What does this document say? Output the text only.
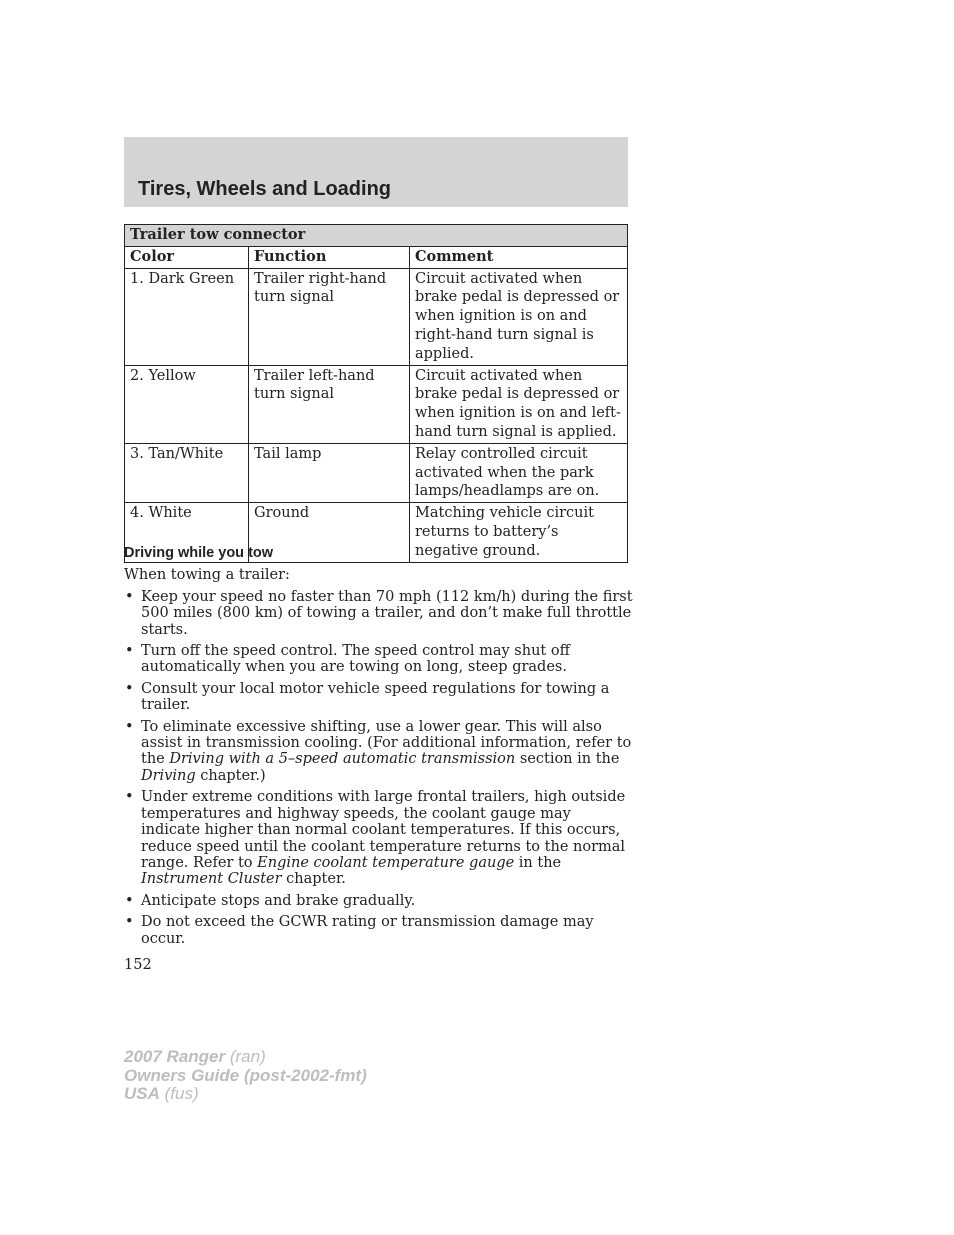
Tires, Wheels and Loading
Trailer tow connector		
Color	Function	Comment
1. Dark Green	Trailer right-hand turn signal	Circuit activated when brake pedal is depressed or when ignition is on and right-hand turn signal is applied.
2. Yellow	Trailer left-hand turn signal	Circuit activated when brake pedal is depressed or when ignition is on and left-hand turn signal is applied.
3. Tan/White	Tail lamp	Relay controlled circuit activated when the park lamps/headlamps are on.
4. White	Ground	Matching vehicle circuit returns to battery’s negative ground.
Driving while you tow

When towing a trailer:

• Keep your speed no faster than 70 mph (112 km/h) during the first 500 miles (800 km) of towing a trailer, and don’t make full throttle starts.
• Turn off the speed control. The speed control may shut off automatically when you are towing on long, steep grades.
• Consult your local motor vehicle speed regulations for towing a trailer.
• To eliminate excessive shifting, use a lower gear. This will also assist in transmission cooling. (For additional information, refer to the Driving with a 5–speed automatic transmission section in the Driving chapter.)
• Under extreme conditions with large frontal trailers, high outside temperatures and highway speeds, the coolant gauge may indicate higher than normal coolant temperatures. If this occurs, reduce speed until the coolant temperature returns to the normal range. Refer to Engine coolant temperature gauge in the Instrument Cluster chapter.
• Anticipate stops and brake gradually.
• Do not exceed the GCWR rating or transmission damage may occur.
152
2007 Ranger (ran)
Owners Guide (post-2002-fmt)
USA (fus)
